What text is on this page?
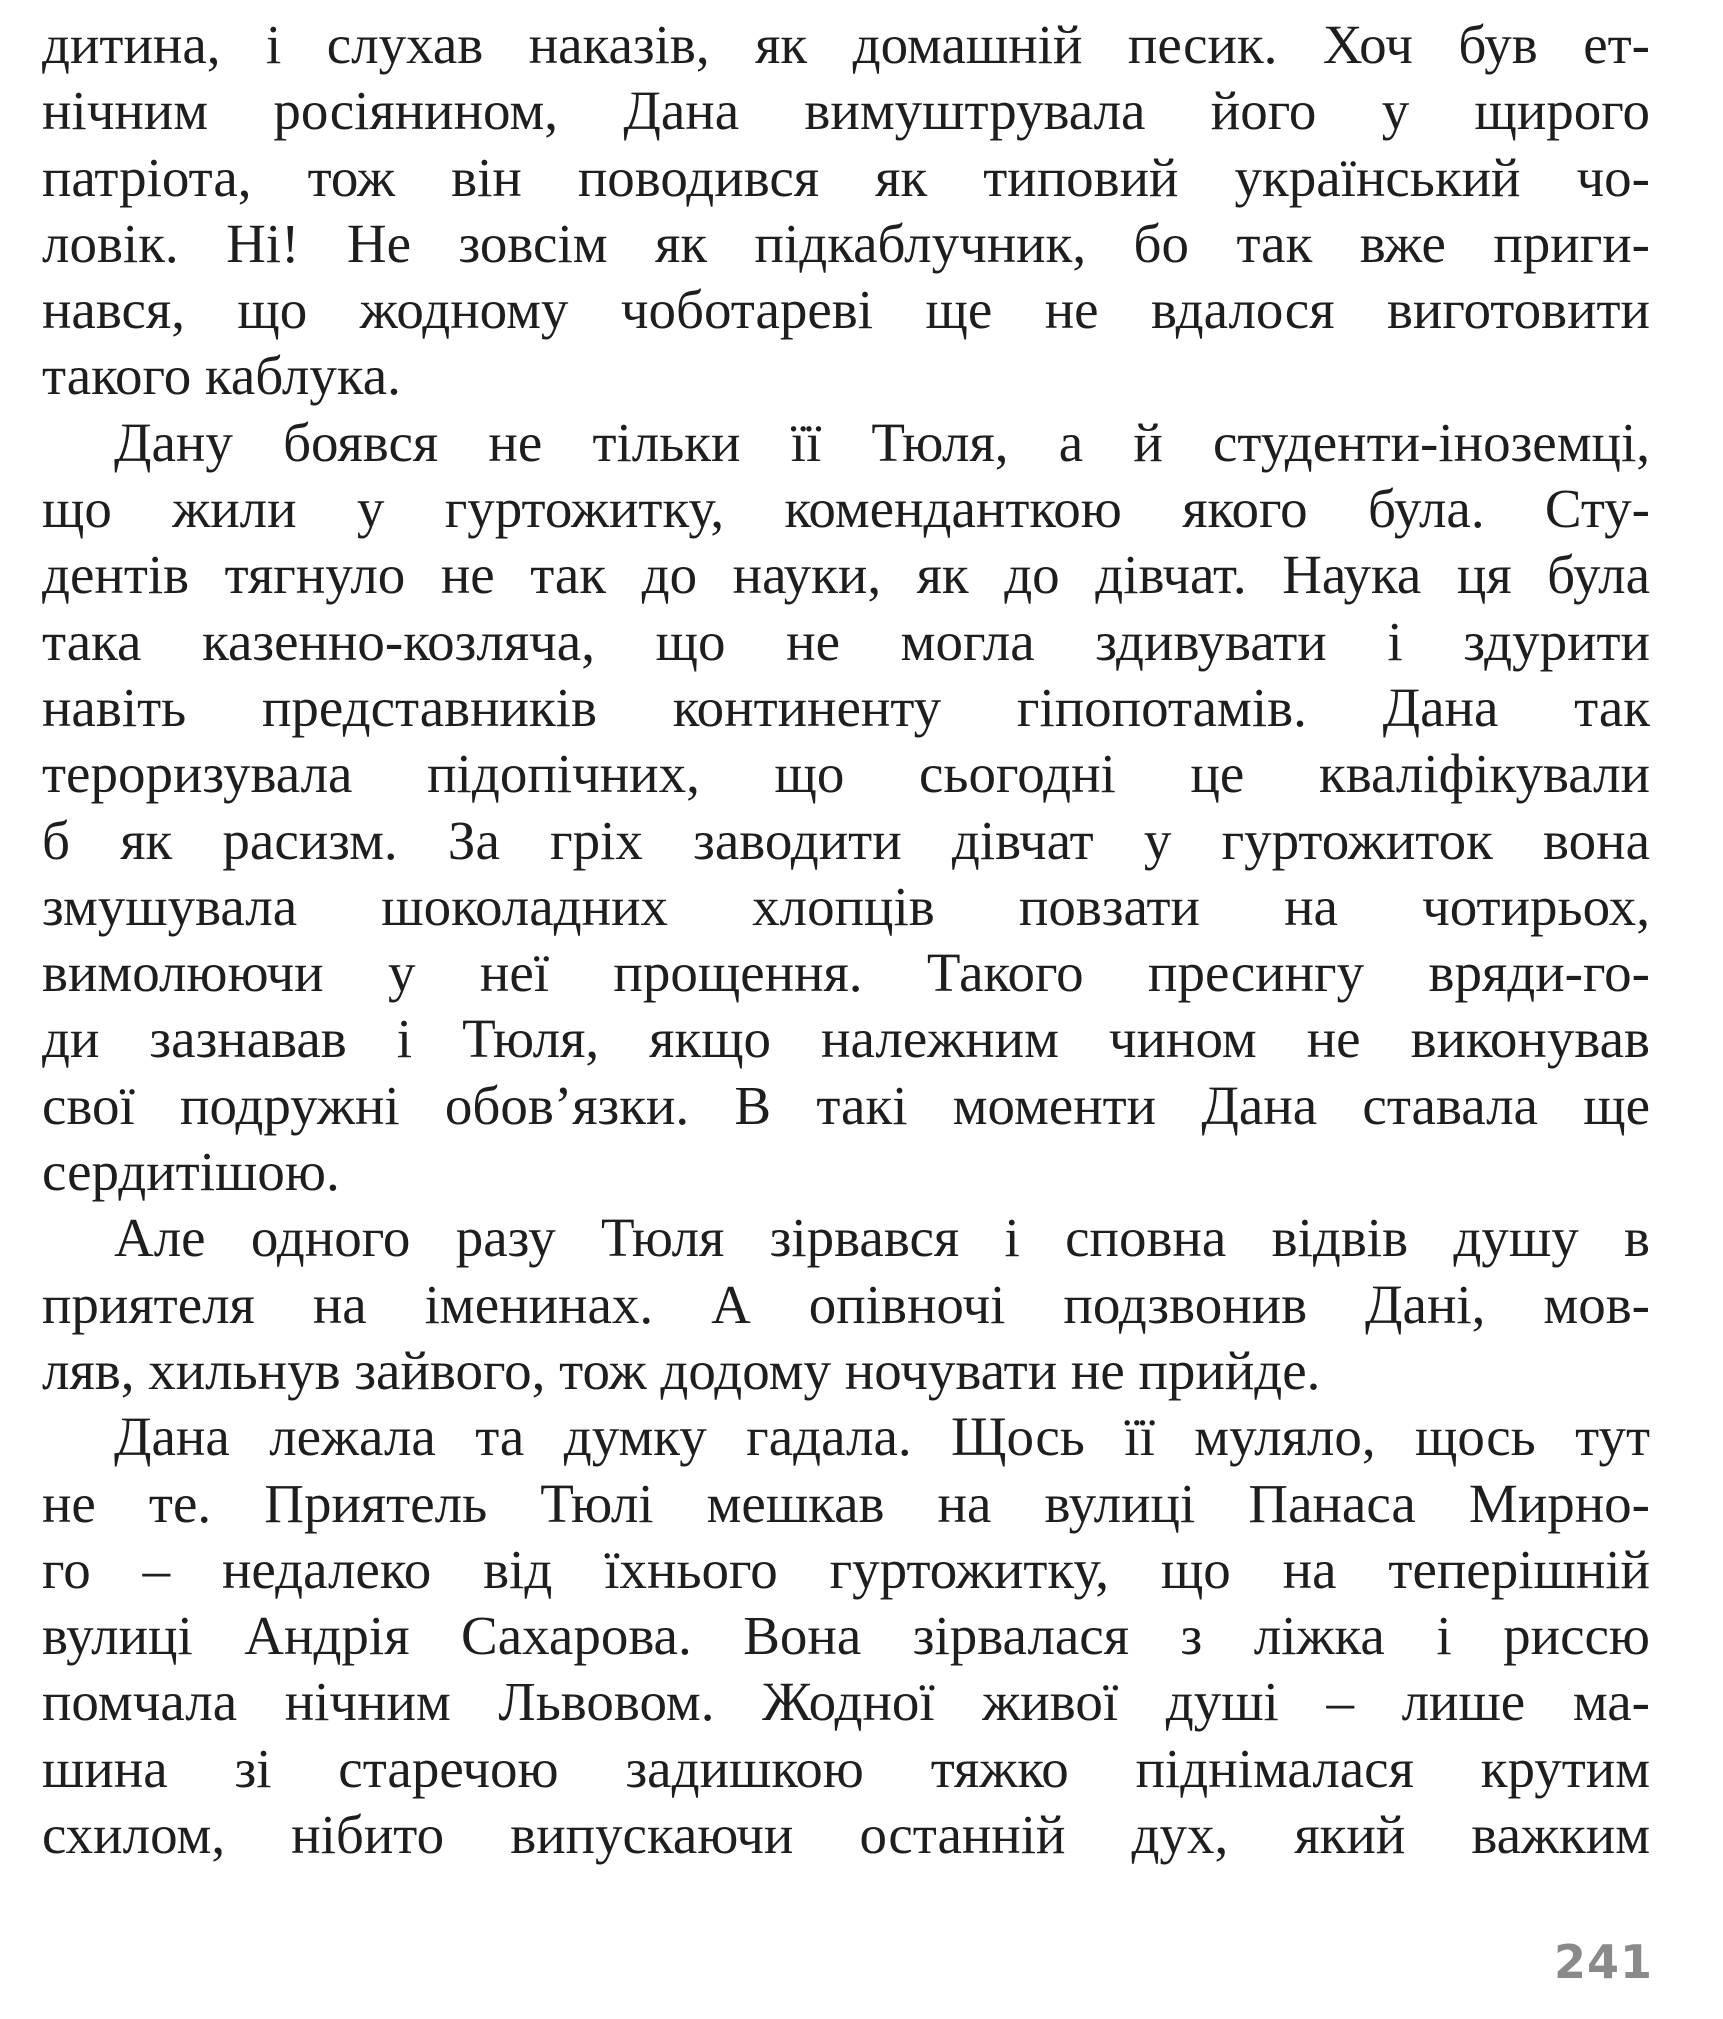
дитина, і слухав наказів, як домашній песик. Хоч був ет-
нічним росіянином, Дана вимуштрувала його у щирого
патріота, тож він поводився як типовий український чо-
ловік. Ні! Не зовсім як підкаблучник, бо так вже приги-
нався, що жодному чоботареві ще не вдалося виготовити
такого каблука.
Дану боявся не тільки її Тюля, а й студенти-іноземці,
що жили у гуртожитку, коменданткою якого була. Сту-
дентів тягнуло не так до науки, як до дівчат. Наука ця була
така казенно-козляча, що не могла здивувати і здурити
навіть представників континенту гіпопотамів. Дана так
тероризувала підопічних, що сьогодні це кваліфікували
б як расизм. За гріх заводити дівчат у гуртожиток вона
змушувала шоколадних хлопців повзати на чотирьох,
вимолюючи у неї прощення. Такого пресингу вряди-го-
ди зазнавав і Тюля, якщо належним чином не виконував
свої подружні обов’язки. В такі моменти Дана ставала ще
сердитішою.
Але одного разу Тюля зірвався і сповна відвів душу в
приятеля на іменинах. А опівночі подзвонив Дані, мов-
ляв, хильнув зайвого, тож додому ночувати не прийде.
Дана лежала та думку гадала. Щось її муляло, щось тут
не те. Приятель Тюлі мешкав на вулиці Панаса Мирно-
го – недалеко від їхнього гуртожитку, що на теперішній
вулиці Андрія Сахарова. Вона зірвалася з ліжка і риссю
помчала нічним Львовом. Жодної живої душі – лише ма-
шина зі старечою задишкою тяжко піднімалася крутим
схилом, нібито випускаючи останній дух, який важким
241
